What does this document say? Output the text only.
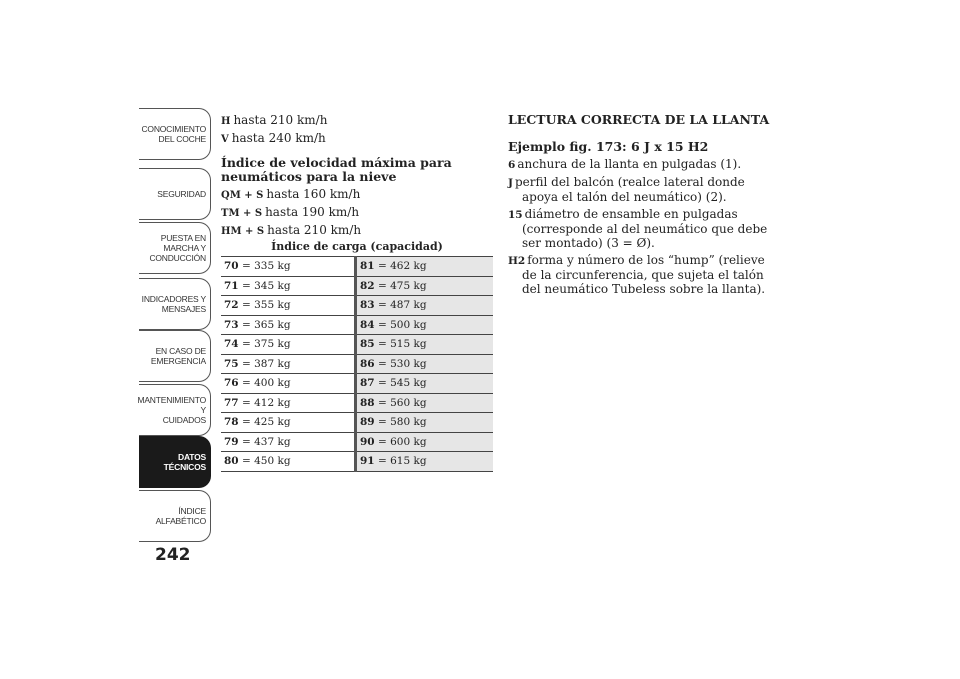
CONOCIMIENTO
DEL COCHE
SEGURIDAD
PUESTA EN
MARCHA Y
CONDUCCIÓN
INDICADORES Y
MENSAJES
EN CASO DE
EMERGENCIA
MANTENIMIENTO Y
CUIDADOS
DATOS TÉCNICOS
ÍNDICE
ALFABÉTICO
242
H hasta 210 km/h
V hasta 240 km/h
Índice de velocidad máxima para neumáticos para la nieve
QM + S hasta 160 km/h
TM + S hasta 190 km/h
HM + S hasta 210 km/h
Índice de carga (capacidad)
70 = 335 kg	81 = 462 kg
71 = 345 kg	82 = 475 kg
72 = 355 kg	83 = 487 kg
73 = 365 kg	84 = 500 kg
74 = 375 kg	85 = 515 kg
75 = 387 kg	86 = 530 kg
76 = 400 kg	87 = 545 kg
77 = 412 kg	88 = 560 kg
78 = 425 kg	89 = 580 kg
79 = 437 kg	90 = 600 kg
80 = 450 kg	91 = 615 kg
LECTURA CORRECTA DE LA LLANTA
Ejemplo fig. 173: 6 J x 15 H2
6 anchura de la llanta en pulgadas (1).
J perfil del balcón (realce lateral donde apoya el talón del neumático) (2).
15 diámetro de ensamble en pulgadas (corresponde al del neumático que debe ser montado) (3 = Ø).
H2 forma y número de los “hump” (relieve de la circunferencia, que sujeta el talón del neumático Tubeless sobre la llanta).
